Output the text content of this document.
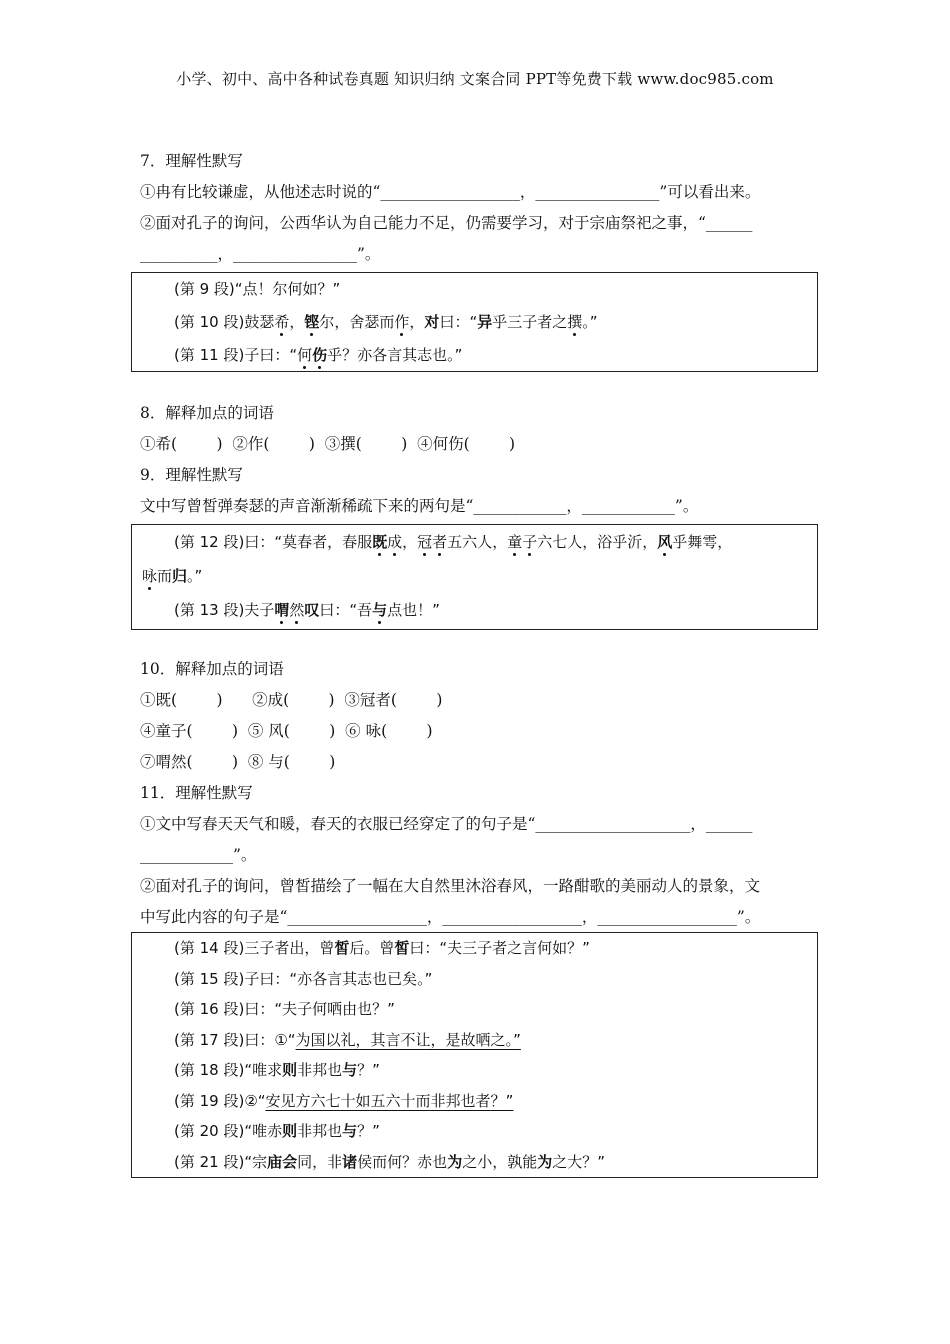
小学、初中、高中各种试卷真题 知识归纳 文案合同 PPT等免费下载 www.doc985.com
7．理解性默写
①冉有比较谦虚，从他述志时说的“__________________，________________”可以看出来。
②面对孔子的询问，公西华认为自己能力不足，仍需要学习，对于宗庙祭祀之事，“______
__________，________________”。
(第 9 段)“点！尔何如？”
(第 10 段)鼓瑟希，铿尔，舍瑟而作，对曰：“异乎三子者之撰。”
(第 11 段)子曰：“何伤乎？亦各言其志也。”
8．解释加点的词语
①希(        )  ②作(        )  ③撰(        )  ④何伤(        )
9．理解性默写
文中写曾皙弹奏瑟的声音渐渐稀疏下来的两句是“____________，____________”。
(第 12 段)曰：“莫春者，春服既成，冠者五六人，童子六七人，浴乎沂，风乎舞雩，
咏而归。”
(第 13 段)夫子喟然叹曰：“吾与点也！”
10．解释加点的词语
①既(        )      ②成(        )  ③冠者(        )
④童子(        )  ⑤ 风(        )  ⑥ 咏(        )
⑦喟然(        )  ⑧ 与(        )
11．理解性默写
①文中写春天天气和暖，春天的衣服已经穿定了的句子是“____________________，______
____________”。
②面对孔子的询问，曾皙描绘了一幅在大自然里沐浴春风，一路酣歌的美丽动人的景象，文
中写此内容的句子是“__________________，__________________，__________________”。
(第 14 段)三子者出，曾皙后。曾皙曰：“夫三子者之言何如？”
(第 15 段)子曰：“亦各言其志也已矣。”
(第 16 段)曰：“夫子何哂由也？”
(第 17 段)曰：①“为国以礼，其言不让，是故哂之。”
(第 18 段)“唯求则非邦也与？”
(第 19 段)②“安见方六七十如五六十而非邦也者？”
(第 20 段)“唯赤则非邦也与？”
(第 21 段)“宗庙会同，非诸侯而何？赤也为之小，孰能为之大？”
